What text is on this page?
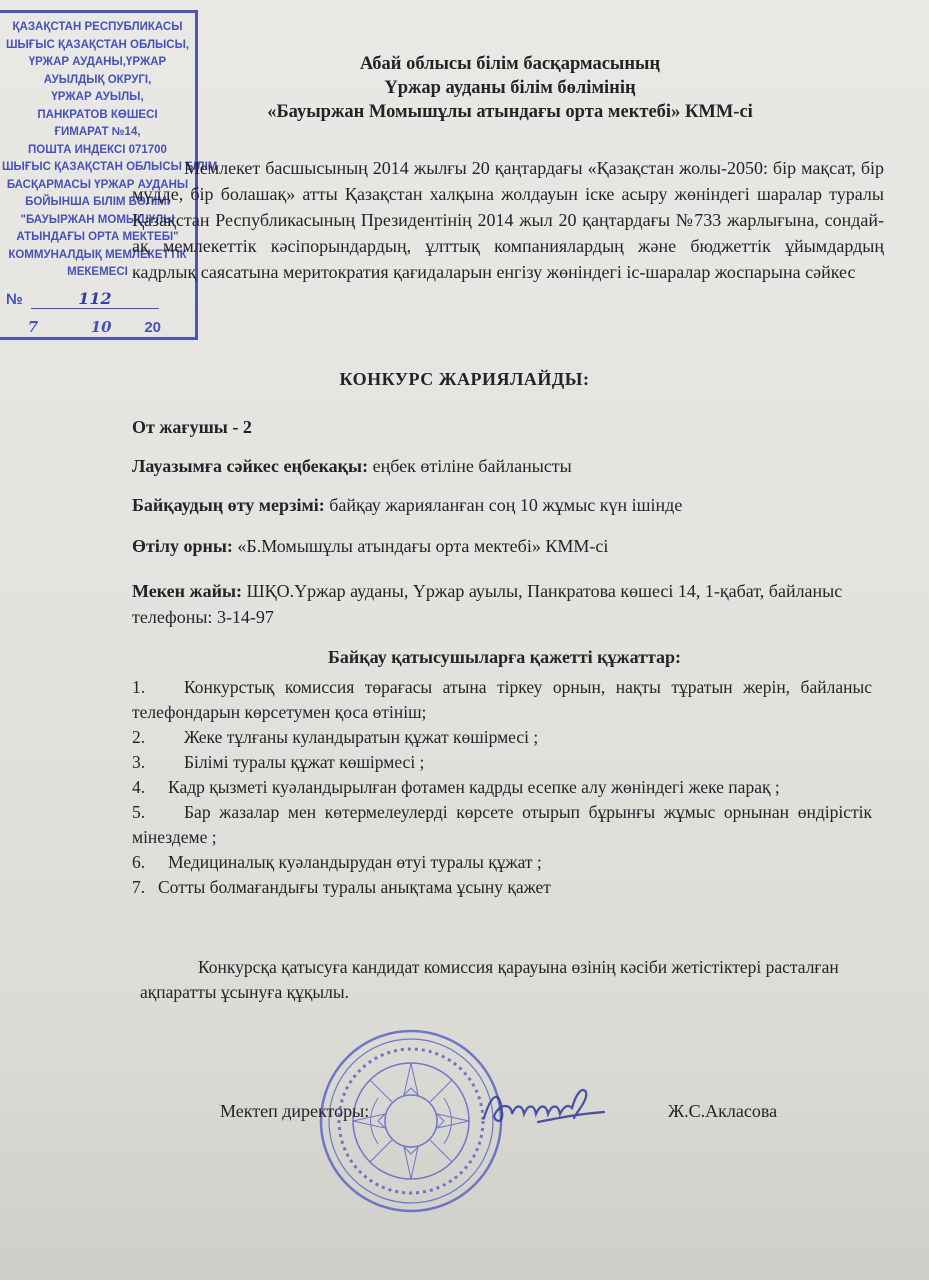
ҚАЗАҚСТАН РЕСПУБЛИКАСЫ
ШЫҒЫС ҚАЗАҚСТАН ОБЛЫСЫ,
ҮРЖАР АУДАНЫ,ҮРЖАР
АУЫЛДЫҚ ОКРУГІ,
ҮРЖАР АУЫЛЫ,
ПАНКРАТОВ КӨШЕСІ
ҒИМАРАТ №14,
ПОШТА ИНДЕКСІ 071700
ШЫҒЫС ҚАЗАҚСТАН ОБЛЫСЫ БІЛІМ
БАСҚАРМАСЫ ҮРЖАР АУДАНЫ
БОЙЫНША БІЛІМ БӨЛІМІ
"БАУЫРЖАН МОМЫШҰЛЫ
АТЫНДАҒЫ ОРТА МЕКТЕБІ"
КОММУНАЛДЫҚ МЕМЛЕКЕТТІК
МЕКЕМЕСІ
№	112
7	10 20
Абай облысы білім басқармасының
Үржар ауданы білім бөлімінің
«Бауыржан Момышұлы атындағы орта мектебі» КММ-сі
Мемлекет басшысының 2014 жылғы 20 қаңтардағы «Қазақстан жолы-2050: бір мақсат, бір мүдде, бір болашақ» атты Қазақстан халқына жолдауын іске асыру жөніндегі шаралар туралы Қазақстан Республикасының Президентінің 2014 жыл 20 қаңтардағы №733 жарлығына, сондай-ақ мемлекеттік кәсіпорындардың, ұлттық компаниялардың және бюджеттік ұйымдардың кадрлық саясатына меритократия қағидаларын енгізу жөніндегі іс-шаралар жоспарына сәйкес
КОНКУРС ЖАРИЯЛАЙДЫ:
От жағушы - 2
Лауазымға сәйкес еңбекақы: еңбек өтіліне байланысты
Байқаудың өту мерзімі: байқау жарияланған соң 10 жұмыс күн ішінде
Өтілу орны: «Б.Момышұлы атындағы орта мектебі» КММ-сі
Мекен жайы: ШҚО.Үржар ауданы, Үржар ауылы, Панкратова көшесі 14, 1-қабат, байланыс телефоны: 3-14-97
Байқау қатысушыларға қажетті құжаттар:

1. Конкурстық комиссия төрағасы атына тіркеу орнын, нақты тұратын жерін, байланыс телефондарын көрсетумен қоса өтініш;

2. Жеке тұлғаны куландыратын құжат көшірмесі ;

3. Білімі туралы құжат көшірмесі ;

4. Кадр қызметі куәландырылған фотамен кадрды есепке алу жөніндегі жеке парақ ;

5. Бар жазалар мен көтермелеулерді көрсете отырып бұрынғы жұмыс орнынан өндірістік мінездеме ;

6. Медициналық куәландырудан өтуі туралы құжат ;

7. Сотты болмағандығы туралы анықтама ұсыну қажет

Конкурсқа қатысуға кандидат комиссия қарауына өзінің кәсіби жетістіктері расталған ақпаратты ұсынуға құқылы.
Мектеп директоры:	Ж.С.Акласова
